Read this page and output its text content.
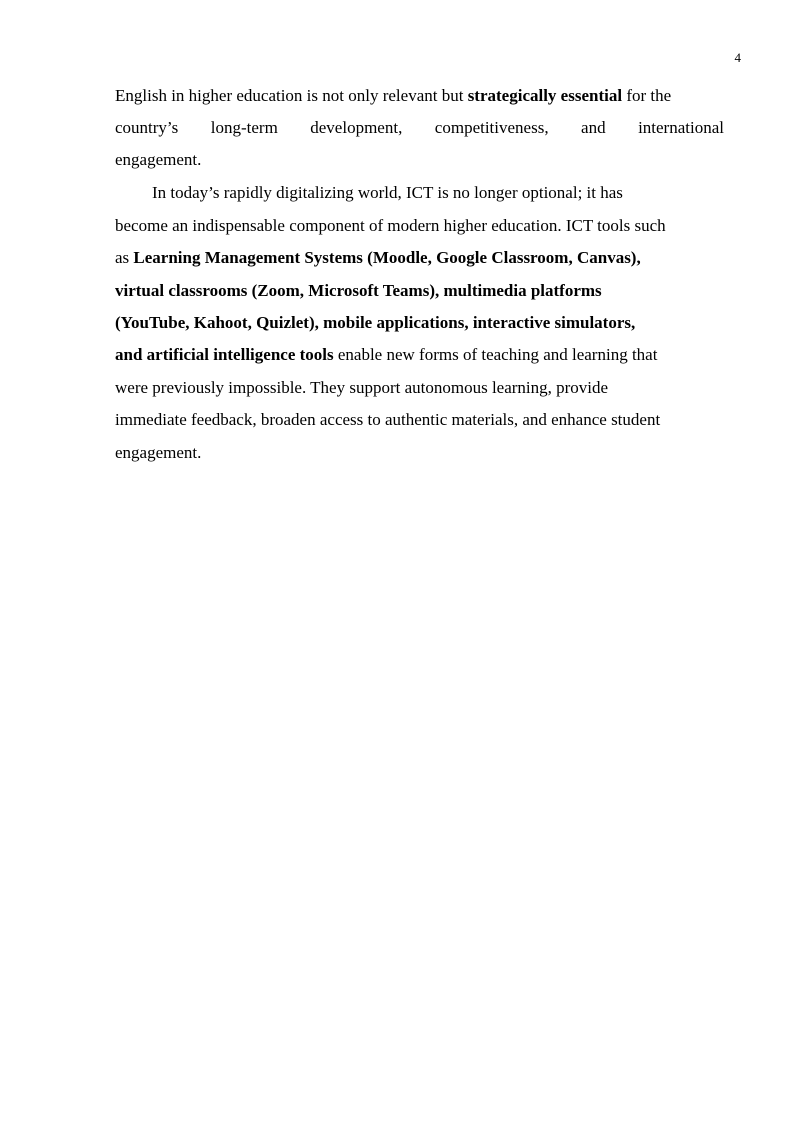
4
English in higher education is not only relevant but strategically essential for the
country’s long-term development, competitiveness, and international
engagement.
In today’s rapidly digitalizing world, ICT is no longer optional; it has
become an indispensable component of modern higher education. ICT tools such
as Learning Management Systems (Moodle, Google Classroom, Canvas),
virtual classrooms (Zoom, Microsoft Teams), multimedia platforms
(YouTube, Kahoot, Quizlet), mobile applications, interactive simulators,
and artificial intelligence tools enable new forms of teaching and learning that
were previously impossible. They support autonomous learning, provide
immediate feedback, broaden access to authentic materials, and enhance student
engagement.
